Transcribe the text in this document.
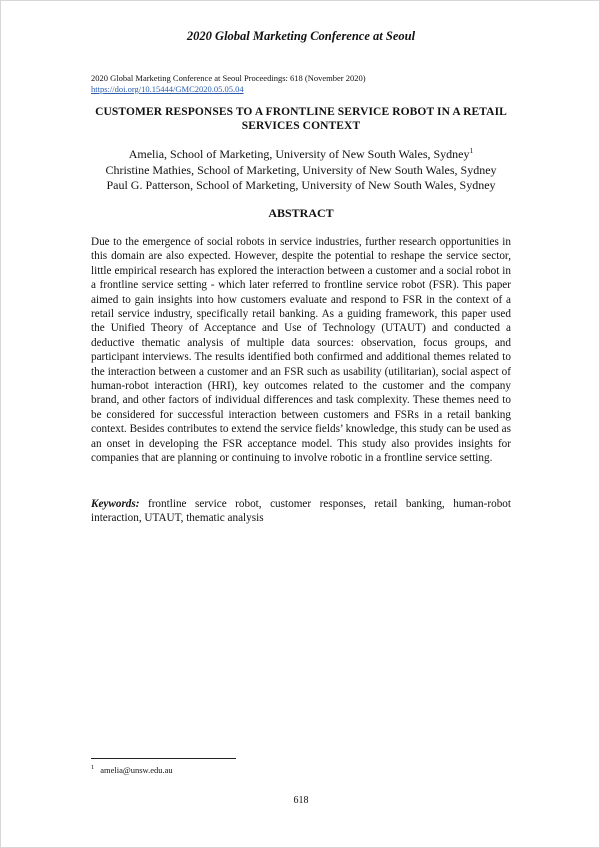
2020 Global Marketing Conference at Seoul
2020 Global Marketing Conference at Seoul Proceedings: 618 (November 2020)
https://doi.org/10.15444/GMC2020.05.05.04
CUSTOMER RESPONSES TO A FRONTLINE SERVICE ROBOT IN A RETAIL
SERVICES CONTEXT
Amelia, School of Marketing, University of New South Wales, Sydney$^1$
Christine Mathies, School of Marketing, University of New South Wales, Sydney
Paul G. Patterson, School of Marketing, University of New South Wales, Sydney
ABSTRACT
Due to the emergence of social robots in service industries, further research opportunities in this domain are also expected. However, despite the potential to reshape the service sector, little empirical research has explored the interaction between a customer and a social robot in a frontline service setting - which later referred to frontline service robot (FSR). This paper aimed to gain insights into how customers evaluate and respond to FSR in the context of a retail service industry, specifically retail banking. As a guiding framework, this paper used the Unified Theory of Acceptance and Use of Technology (UTAUT) and conducted a deductive thematic analysis of multiple data sources: observation, focus groups, and participant interviews. The results identified both confirmed and additional themes related to the interaction between a customer and an FSR such as usability (utilitarian), social aspect of human-robot interaction (HRI), key outcomes related to the customer and the company brand, and other factors of individual differences and task complexity. These themes need to be considered for successful interaction between customers and FSRs in a retail banking context. Besides contributes to extend the service fields’ knowledge, this study can be used as an onset in developing the FSR acceptance model. This study also provides insights for companies that are planning or continuing to involve robotic in a frontline service setting.
Keywords: frontline service robot, customer responses, retail banking, human-robot interaction, UTAUT, thematic analysis
$^1$ amelia@unsw.edu.au
618
